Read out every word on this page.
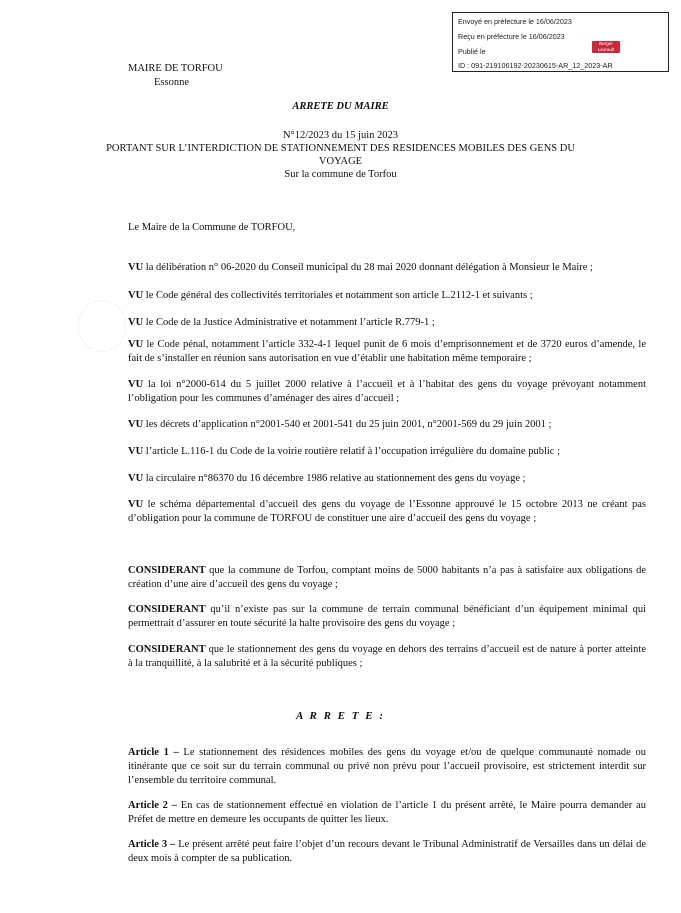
Envoyé en préfecture le 16/06/2023
Reçu en préfecture le 16/06/2023
Publié le
ID : 091-219106192-20230615-AR_12_2023-AR
Berger
Levrault
MAIRE DE TORFOU
Essonne
ARRETE DU MAIRE
N°12/2023 du 15 juin 2023
PORTANT SUR L’INTERDICTION DE STATIONNEMENT DES RESIDENCES MOBILES DES GENS DU
VOYAGE
Sur la commune de Torfou
Le Maire de la Commune de TORFOU,
VU la délibération n° 06-2020 du Conseil municipal du 28 mai 2020 donnant délégation à Monsieur le Maire ;
VU le Code général des collectivités territoriales et notamment son article L.2112-1 et suivants ;
VU le Code de la Justice Administrative et notamment l’article R.779-1 ;
VU le Code pénal, notamment l’article 332-4-1 lequel punit de 6 mois d’emprisonnement et de 3720 euros d’amende, le fait de s’installer en réunion sans autorisation en vue d’établir une habitation même temporaire ;
VU la loi n°2000-614 du 5 juillet 2000 relative à l’accueil et à l’habitat des gens du voyage prévoyant notamment l’obligation pour les communes d’aménager des aires d’accueil ;
VU les décrets d’application n°2001-540 et 2001-541 du 25 juin 2001, n°2001-569 du 29 juin 2001 ;
VU l’article L.116-1 du Code de la voirie routière relatif à l’occupation irrégulière du domaine public ;
VU la circulaire n°86370 du 16 décembre 1986 relative au stationnement des gens du voyage ;
VU le schéma départemental d’accueil des gens du voyage de l’Essonne approuvé le 15 octobre 2013 ne créant pas d’obligation pour la commune de TORFOU de constituer une aire d’accueil des gens du voyage ;
CONSIDERANT que la commune de Torfou, comptant moins de 5000 habitants n’a pas à satisfaire aux obligations de création d’une aire d’accueil des gens du voyage ;
CONSIDERANT qu’il n’existe pas sur la commune de terrain communal bénéficiant d’un équipement minimal qui permettrait d’assurer en toute sécurité la halte provisoire des gens du voyage ;
CONSIDERANT que le stationnement des gens du voyage en dehors des terrains d’accueil est de nature à porter atteinte à la tranquillité, à la salubrité et à la sécurité publiques ;
A R R E T E :
Article 1 – Le stationnement des résidences mobiles des gens du voyage et/ou de quelque communauté nomade ou itinérante que ce soit sur du terrain communal ou privé non prévu pour l’accueil provisoire, est strictement interdit sur l’ensemble du territoire communal.
Article 2 – En cas de stationnement effectué en violation de l’article 1 du présent arrêté, le Maire pourra demander au Préfet de mettre en demeure les occupants de quitter les lieux.
Article 3 – Le présent arrêté peut faire l’objet d’un recours devant le Tribunal Administratif de Versailles dans un délai de deux mois à compter de sa publication.
